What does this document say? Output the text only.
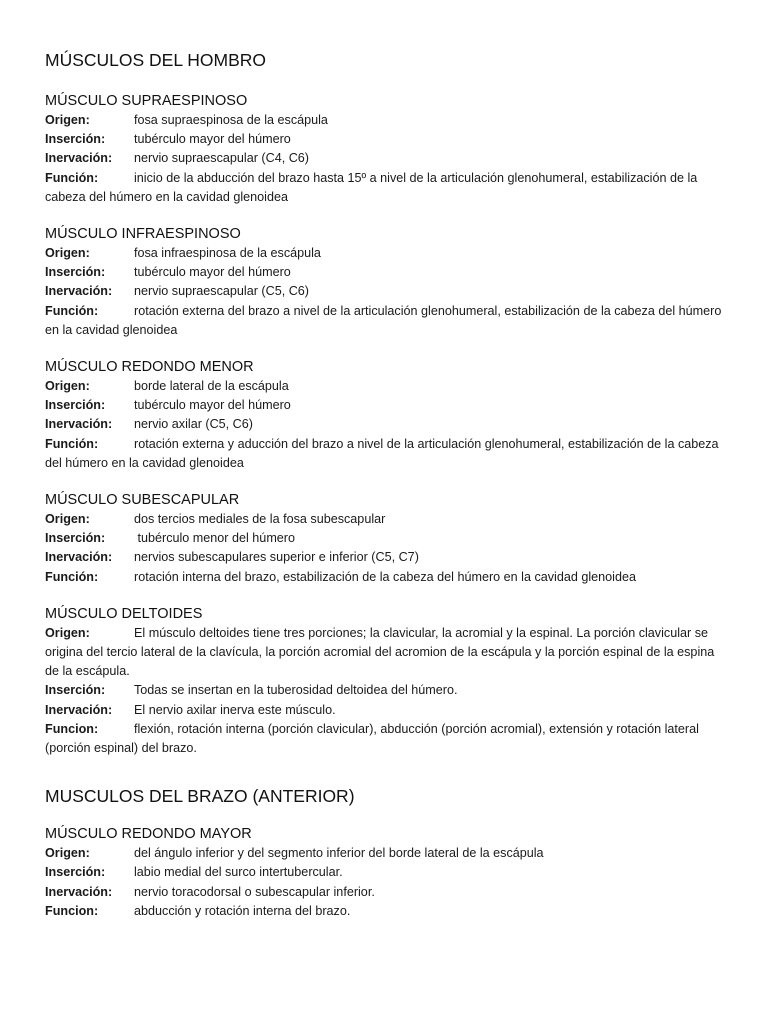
MÚSCULOS DEL HOMBRO
MÚSCULO SUPRAESPINOSO

Origen:	fosa supraespinosa de la escápula

Inserción: tubérculo mayor del húmero

Inervación: nervio supraescapular (C4, C6)

Función:	inicio de la abducción del brazo hasta 15º a nivel de la articulación glenohumeral, estabilización de la cabeza del húmero en la cavidad glenoidea

MÚSCULO INFRAESPINOSO

Origen:	fosa infraespinosa de la escápula

Inserción: tubérculo mayor del húmero

Inervación: nervio supraescapular (C5, C6)

Función:	rotación externa del brazo a nivel de la articulación glenohumeral, estabilización de la cabeza del húmero en la cavidad glenoidea

MÚSCULO REDONDO MENOR

Origen:	borde lateral de la escápula

Inserción: tubérculo mayor del húmero

Inervación: nervio axilar (C5, C6)

Función:	rotación externa y aducción del brazo a nivel de la articulación glenohumeral, estabilización de la cabeza del húmero en la cavidad glenoidea

MÚSCULO SUBESCAPULAR

Origen:	dos tercios mediales de la fosa subescapular

Inserción: tubérculo menor del húmero

Inervación: nervios subescapulares superior e inferior (C5, C7)

Función:	rotación interna del brazo, estabilización de la cabeza del húmero en la cavidad glenoidea

MÚSCULO DELTOIDES

Origen:	El músculo deltoides tiene tres porciones; la clavicular, la acromial y la espinal. La porción clavicular se origina del tercio lateral de la clavícula, la porción acromial del acromion de la escápula y la porción espinal de la espina de la escápula.

Inserción: Todas se insertan en la tuberosidad deltoidea del húmero.

Inervación: El nervio axilar inerva este músculo.

Funcion:	flexión, rotación interna (porción clavicular), abducción (porción acromial), extensión y rotación lateral (porción espinal) del brazo.

MUSCULOS DEL BRAZO (ANTERIOR)
MÚSCULO REDONDO MAYOR

Origen:	del ángulo inferior y del segmento inferior del borde lateral de la escápula

Inserción: labio medial del surco intertubercular.

Inervación: nervio toracodorsal o subescapular inferior.

Funcion:	abducción y rotación interna del brazo.
